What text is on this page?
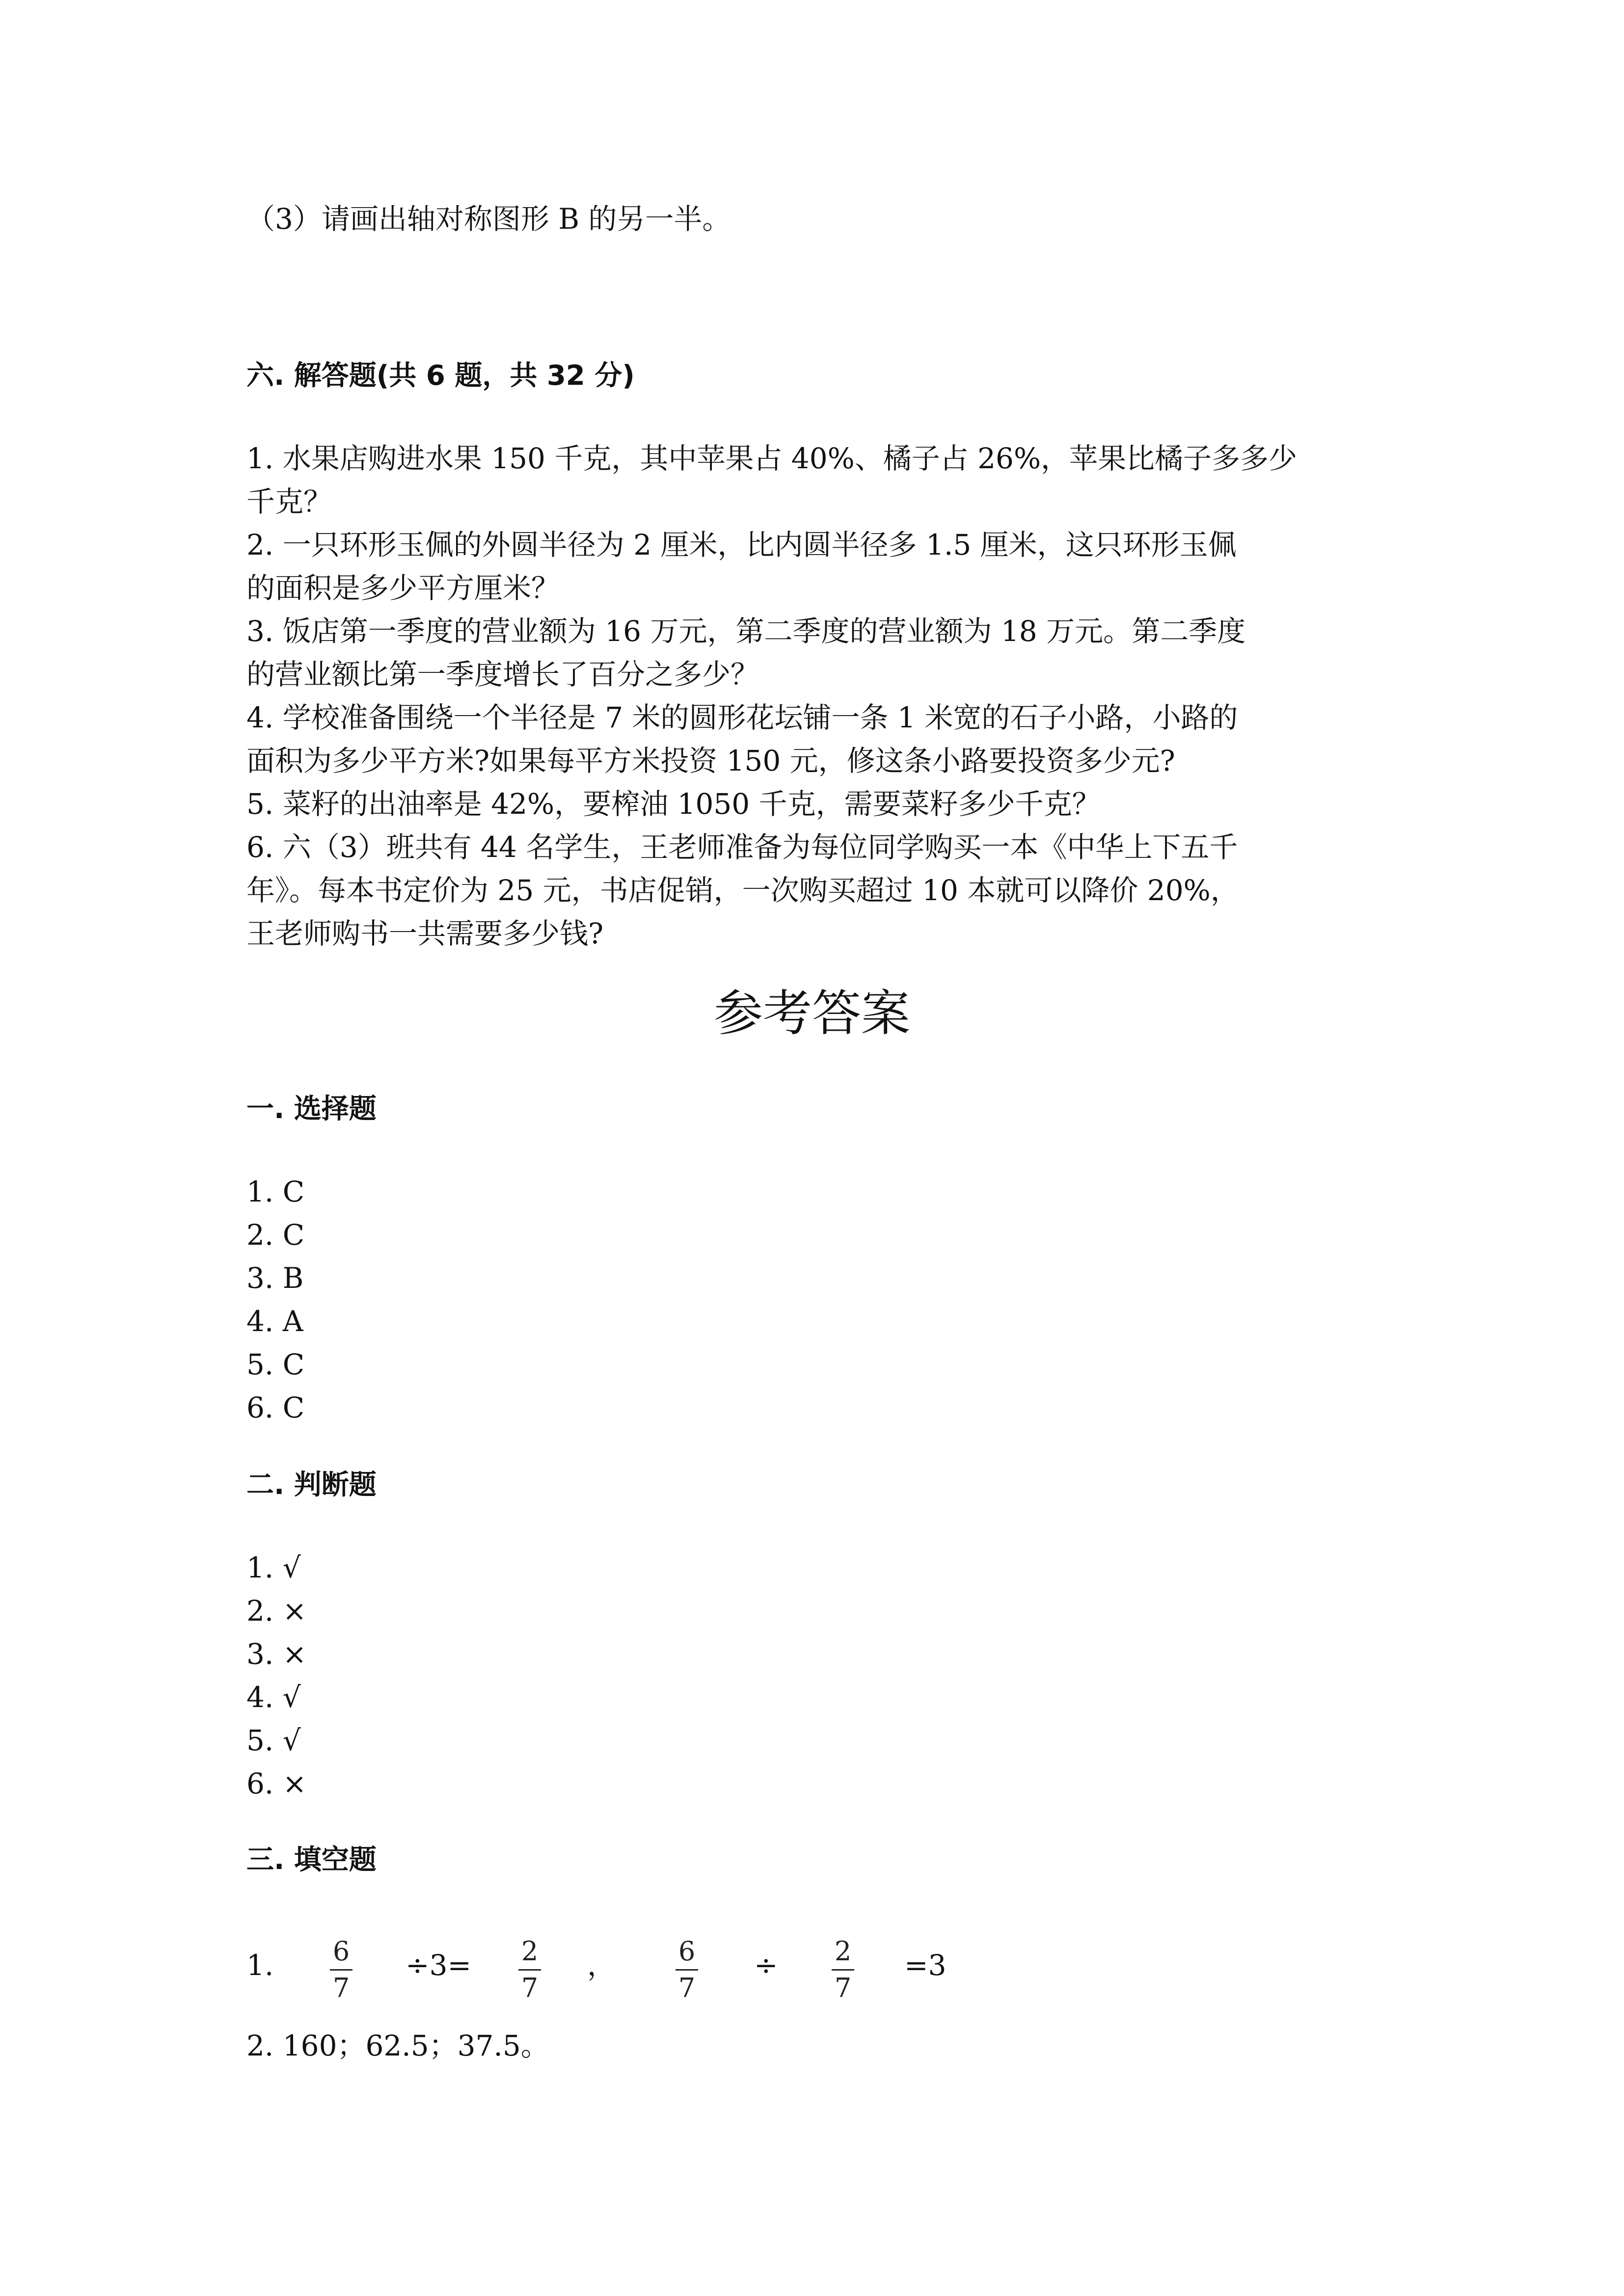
（3）请画出轴对称图形 B 的另一半。
六. 解答题(共 6 题，共 32 分)
1. 水果店购进水果 150 千克，其中苹果占 40%、橘子占 26%，苹果比橘子多多少
千克？
2. 一只环形玉佩的外圆半径为 2 厘米，比内圆半径多 1.5 厘米，这只环形玉佩
的面积是多少平方厘米？
3. 饭店第一季度的营业额为 16 万元，第二季度的营业额为 18 万元。第二季度
的营业额比第一季度增长了百分之多少？
4. 学校准备围绕一个半径是 7 米的圆形花坛铺一条 1 米宽的石子小路，小路的
面积为多少平方米?如果每平方米投资 150 元，修这条小路要投资多少元?
5. 菜籽的出油率是 42%，要榨油 1050 千克，需要菜籽多少千克？
6. 六（3）班共有 44 名学生，王老师准备为每位同学购买一本《中华上下五千
年》。每本书定价为 25 元，书店促销，一次购买超过 10 本就可以降价 20%，
王老师购书一共需要多少钱?
参考答案
一. 选择题
1. C
2. C
3. B
4. A
5. C
6. C
二. 判断题
1. √
2. ×
3. ×
4. √
5. √
6. ×
三. 填空题
1. 6
7
÷3= 2
7
， 6
7
÷ 2
7
=3
2. 160；62.5；37.5。
